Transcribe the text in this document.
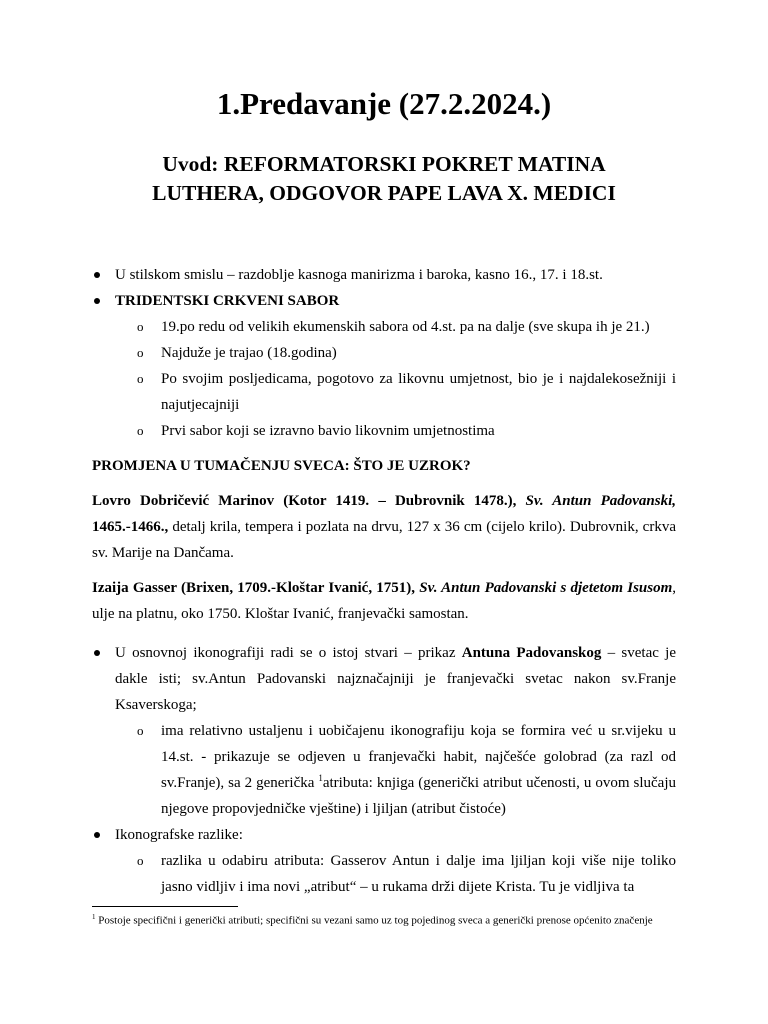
1.Predavanje (27.2.2024.)
Uvod: REFORMATORSKI POKRET MATINA
LUTHERA, ODGOVOR PAPE LAVA X. MEDICI
U stilskom smislu – razdoblje kasnoga manirizma i baroka, kasno 16., 17. i 18.st.
TRIDENTSKI CRKVENI SABOR
o 19.po redu od velikih ekumenskih sabora od 4.st. pa na dalje (sve skupa ih je 21.)
o Najduže je trajao (18.godina)
o Po svojim posljedicama, pogotovo za likovnu umjetnost, bio je i najdalekosežniji i najutjecajniji
o Prvi sabor koji se izravno bavio likovnim umjetnostima

PROMJENA U TUMAČENJU SVECA: ŠTO JE UZROK?

Lovro Dobričević Marinov (Kotor 1419. – Dubrovnik 1478.), Sv. Antun Padovanski, 1465.-1466., detalj krila, tempera i pozlata na drvu, 127 x 36 cm (cijelo krilo). Dubrovnik, crkva sv. Marije na Dančama.

Izaija Gasser (Brixen, 1709.-Kloštar Ivanić, 1751), Sv. Antun Padovanski s djetetom Isusom, ulje na platnu, oko 1750. Kloštar Ivanić, franjevački samostan.

U osnovnoj ikonografiji radi se o istoj stvari – prikaz Antuna Padovanskog – svetac je dakle isti; sv.Antun Padovanski najznačajniji je franjevački svetac nakon sv.Franje Ksaverskoga;
o ima relativno ustaljenu i uobičajenu ikonografiju koja se formira već u sr.vijeku u 14.st. - prikazuje se odjeven u franjevački habit, najčešće golobrad (za razl od sv.Franje), sa 2 generička $^1$atributa: knjiga (generički atribut učenosti, u ovom slučaju njegove propovjedničke vještine) i ljiljan (atribut čistoće)
Ikonografske razlike:
o razlika u odabiru atributa: Gasserov Antun i dalje ima ljiljan koji više nije toliko jasno vidljiv i ima novi „atribut“ – u rukama drži dijete Krista. Tu je vidljiva ta
$^1$ Postoje specifični i generički atributi; specifični su vezani samo uz tog pojedinog sveca a generički prenose općenito značenje
